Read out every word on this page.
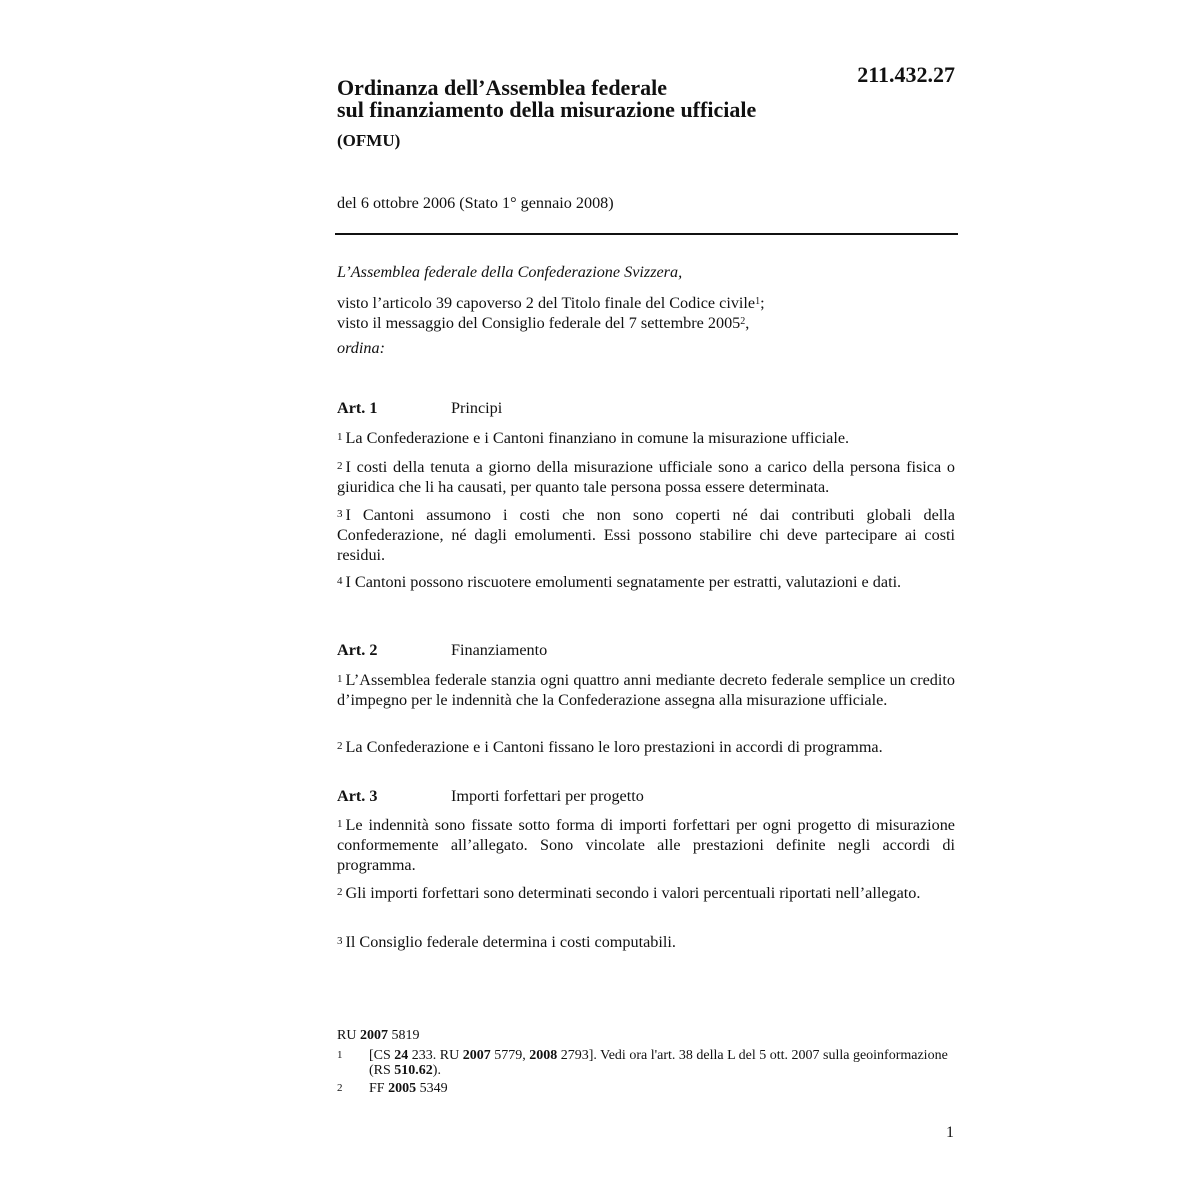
211.432.27
Ordinanza dell’Assemblea federale
sul finanziamento della misurazione ufficiale
(OFMU)
del 6 ottobre 2006 (Stato 1° gennaio 2008)
L’Assemblea federale della Confederazione Svizzera,
visto l’articolo 39 capoverso 2 del Titolo finale del Codice civile$^1$;
visto il messaggio del Consiglio federale del 7 settembre 2005$^2$,
ordina:
Art. 1	Principi
1 La Confederazione e i Cantoni finanziano in comune la misurazione ufficiale.
2 I costi della tenuta a giorno della misurazione ufficiale sono a carico della persona fisica o giuridica che li ha causati, per quanto tale persona possa essere determinata.
3 I Cantoni assumono i costi che non sono coperti né dai contributi globali della Confederazione, né dagli emolumenti. Essi possono stabilire chi deve partecipare ai costi residui.
4 I Cantoni possono riscuotere emolumenti segnatamente per estratti, valutazioni e dati.
Art. 2	Finanziamento
1 L’Assemblea federale stanzia ogni quattro anni mediante decreto federale semplice un credito d’impegno per le indennità che la Confederazione assegna alla misurazione ufficiale.
2 La Confederazione e i Cantoni fissano le loro prestazioni in accordi di programma.
Art. 3	Importi forfettari per progetto
1 Le indennità sono fissate sotto forma di importi forfettari per ogni progetto di misurazione conformemente all’allegato. Sono vincolate alle prestazioni definite negli accordi di programma.
2 Gli importi forfettari sono determinati secondo i valori percentuali riportati nell’allegato.
3 Il Consiglio federale determina i costi computabili.
RU 2007 5819
1 [CS 24 233. RU 2007 5779, 2008 2793]. Vedi ora l'art. 38 della L del 5 ott. 2007 sulla geoinformazione (RS 510.62).
2 FF 2005 5349
1
